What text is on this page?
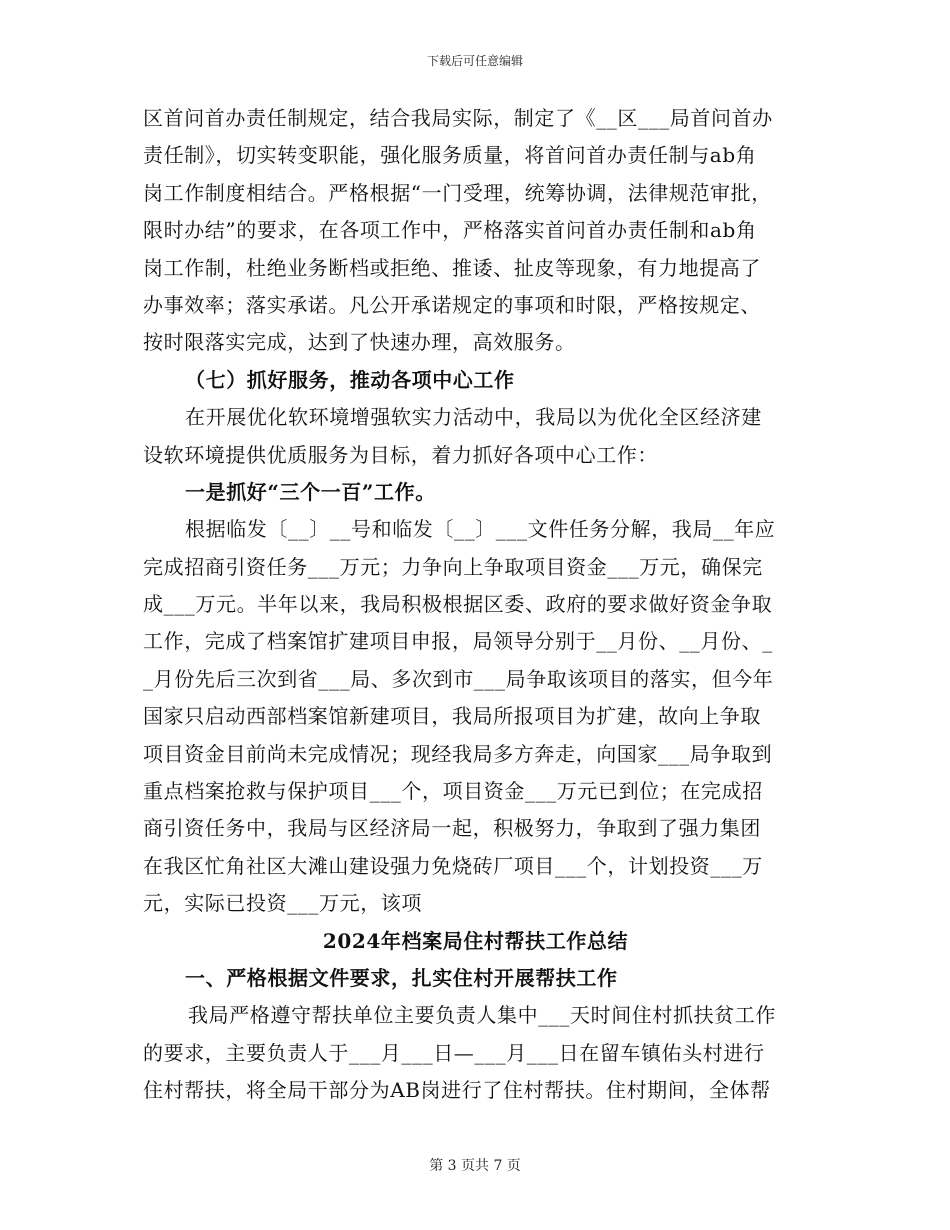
下载后可任意编辑
区首问首办责任制规定，结合我局实际，制定了《__区___局首问首办
责任制》，切实转变职能，强化服务质量，将首问首办责任制与ab角
岗工作制度相结合。严格根据“一门受理，统筹协调，法律规范审批，
限时办结”的要求，在各项工作中，严格落实首问首办责任制和ab角
岗工作制，杜绝业务断档或拒绝、推诿、扯皮等现象，有力地提高了
办事效率；落实承诺。凡公开承诺规定的事项和时限，严格按规定、
按时限落实完成，达到了快速办理，高效服务。
（七）抓好服务，推动各项中心工作
在开展优化软环境增强软实力活动中，我局以为优化全区经济建
设软环境提供优质服务为目标，着力抓好各项中心工作：
一是抓好“三个一百”工作。
根据临发〔__〕__号和临发〔__〕___文件任务分解，我局__年应
完成招商引资任务___万元；力争向上争取项目资金___万元，确保完
成___万元。半年以来，我局积极根据区委、政府的要求做好资金争取
工作，完成了档案馆扩建项目申报，局领导分别于__月份、__月份、_
_月份先后三次到省___局、多次到市___局争取该项目的落实，但今年
国家只启动西部档案馆新建项目，我局所报项目为扩建，故向上争取
项目资金目前尚未完成情况；现经我局多方奔走，向国家___局争取到
重点档案抢救与保护项目___个，项目资金___万元已到位；在完成招
商引资任务中，我局与区经济局一起，积极努力，争取到了强力集团
在我区忙角社区大滩山建设强力免烧砖厂项目___个，计划投资___万
元，实际已投资___万元，该项
2024年档案局住村帮扶工作总结
一、严格根据文件要求，扎实住村开展帮扶工作
我局严格遵守帮扶单位主要负责人集中___天时间住村抓扶贫工作
的要求，主要负责人于___月___日—___月___日在留车镇佑头村进行
住村帮扶，将全局干部分为AB岗进行了住村帮扶。住村期间，全体帮
第 3 页共 7 页
